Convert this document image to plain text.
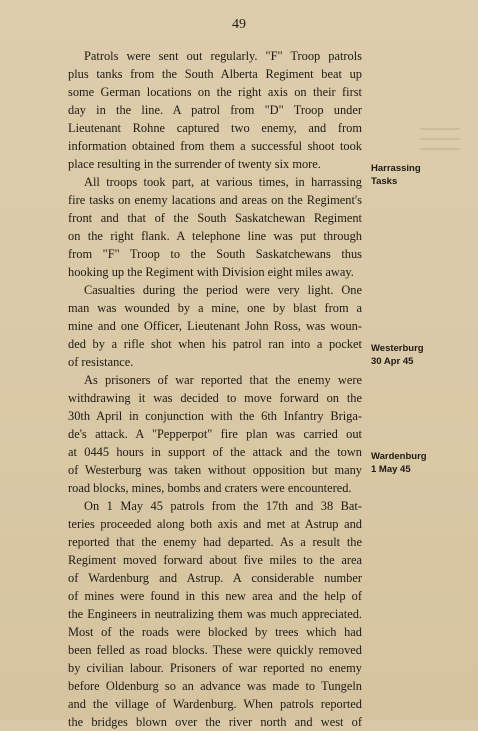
49

Patrols were sent out regularly. "F" Troop patrols
plus tanks from the South Alberta Regiment beat up
some German locations on the right axis on their first
day in the line. A patrol from "D" Troop under
Lieutenant Rohne captured two enemy, and from
information obtained from them a successful shoot took
place resulting in the surrender of twenty six more.

All troops took part, at various times, in harrassing
fire tasks on enemy lacations and areas on the Regiment's
front and that of the South Saskatchewan Regiment
on the right flank. A telephone line was put through
from "F" Troop to the South Saskatchewans thus
hooking up the Regiment with Division eight miles away.

Casualties during the period were very light. One
man was wounded by a mine, one by blast from a
mine and one Officer, Lieutenant John Ross, was woun-
ded by a rifle shot when his patrol ran into a pocket
of resistance.

As prisoners of war reported that the enemy were
withdrawing it was decided to move forward on the
30th April in conjunction with the 6th Infantry Briga-
de's attack. A "Pepperpot" fire plan was carried out
at 0445 hours in support of the attack and the town
of Westerburg was taken without opposition but many
road blocks, mines, bombs and craters were encountered.

On 1 May 45 patrols from the 17th and 38 Bat-
teries proceeded along both axis and met at Astrup and
reported that the enemy had departed. As a result the
Regiment moved forward about five miles to the area
of Wardenburg and Astrup. A considerable number
of mines were found in this new area and the help of
the Engineers in neutralizing them was much appreciated.
Most of the roads were blocked by trees which had
been felled as road blocks. These were quickly removed
by civilian labour. Prisoners of war reported no enemy
before Oldenburg so an advance was made to Tungeln
and the village of Wardenburg. When patrols reported
the bridges blown over the river north and west of

Harrassing
Tasks
Westerburg
30 Apr 45
Wardenburg
1 May 45
